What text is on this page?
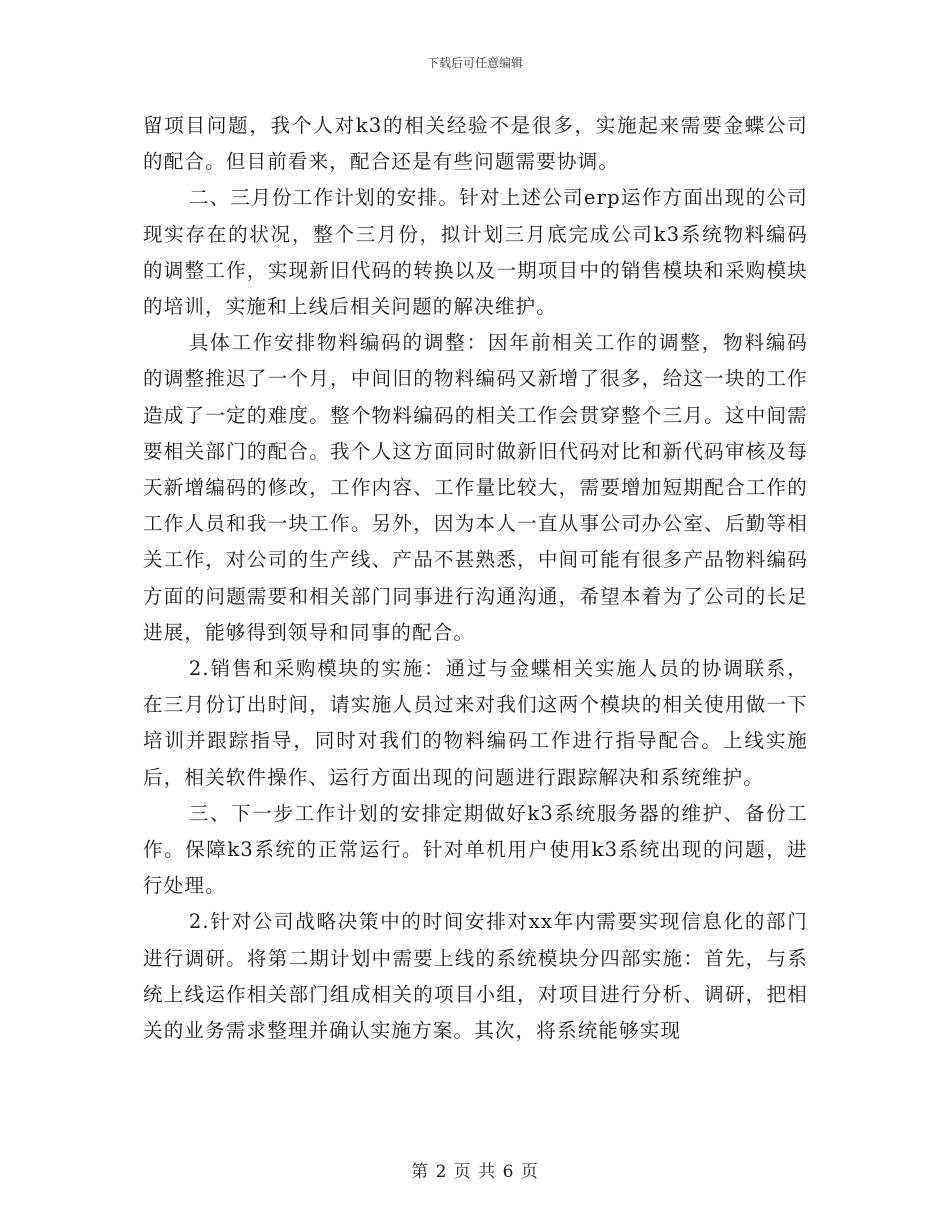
下载后可任意编辑

留项目问题，我个人对k3的相关经验不是很多，实施起来需要金蝶公司的配合。但目前看来，配合还是有些问题需要协调。

二、三月份工作计划的安排。针对上述公司erp运作方面出现的公司现实存在的状况，整个三月份，拟计划三月底完成公司k3系统物料编码的调整工作，实现新旧代码的转换以及一期项目中的销售模块和采购模块的培训，实施和上线后相关问题的解决维护。

具体工作安排物料编码的调整：因年前相关工作的调整，物料编码的调整推迟了一个月，中间旧的物料编码又新增了很多，给这一块的工作造成了一定的难度。整个物料编码的相关工作会贯穿整个三月。这中间需要相关部门的配合。我个人这方面同时做新旧代码对比和新代码审核及每天新增编码的修改，工作内容、工作量比较大，需要增加短期配合工作的工作人员和我一块工作。另外，因为本人一直从事公司办公室、后勤等相关工作，对公司的生产线、产品不甚熟悉，中间可能有很多产品物料编码方面的问题需要和相关部门同事进行沟通沟通，希望本着为了公司的长足进展，能够得到领导和同事的配合。

2.销售和采购模块的实施：通过与金蝶相关实施人员的协调联系，在三月份订出时间，请实施人员过来对我们这两个模块的相关使用做一下培训并跟踪指导，同时对我们的物料编码工作进行指导配合。上线实施后，相关软件操作、运行方面出现的问题进行跟踪解决和系统维护。

三、下一步工作计划的安排定期做好k3系统服务器的维护、备份工作。保障k3系统的正常运行。针对单机用户使用k3系统出现的问题，进行处理。

2.针对公司战略决策中的时间安排对xx年内需要实现信息化的部门进行调研。将第二期计划中需要上线的系统模块分四部实施：首先，与系统上线运作相关部门组成相关的项目小组，对项目进行分析、调研，把相关的业务需求整理并确认实施方案。其次，将系统能够实现

第 2 页 共 6 页
